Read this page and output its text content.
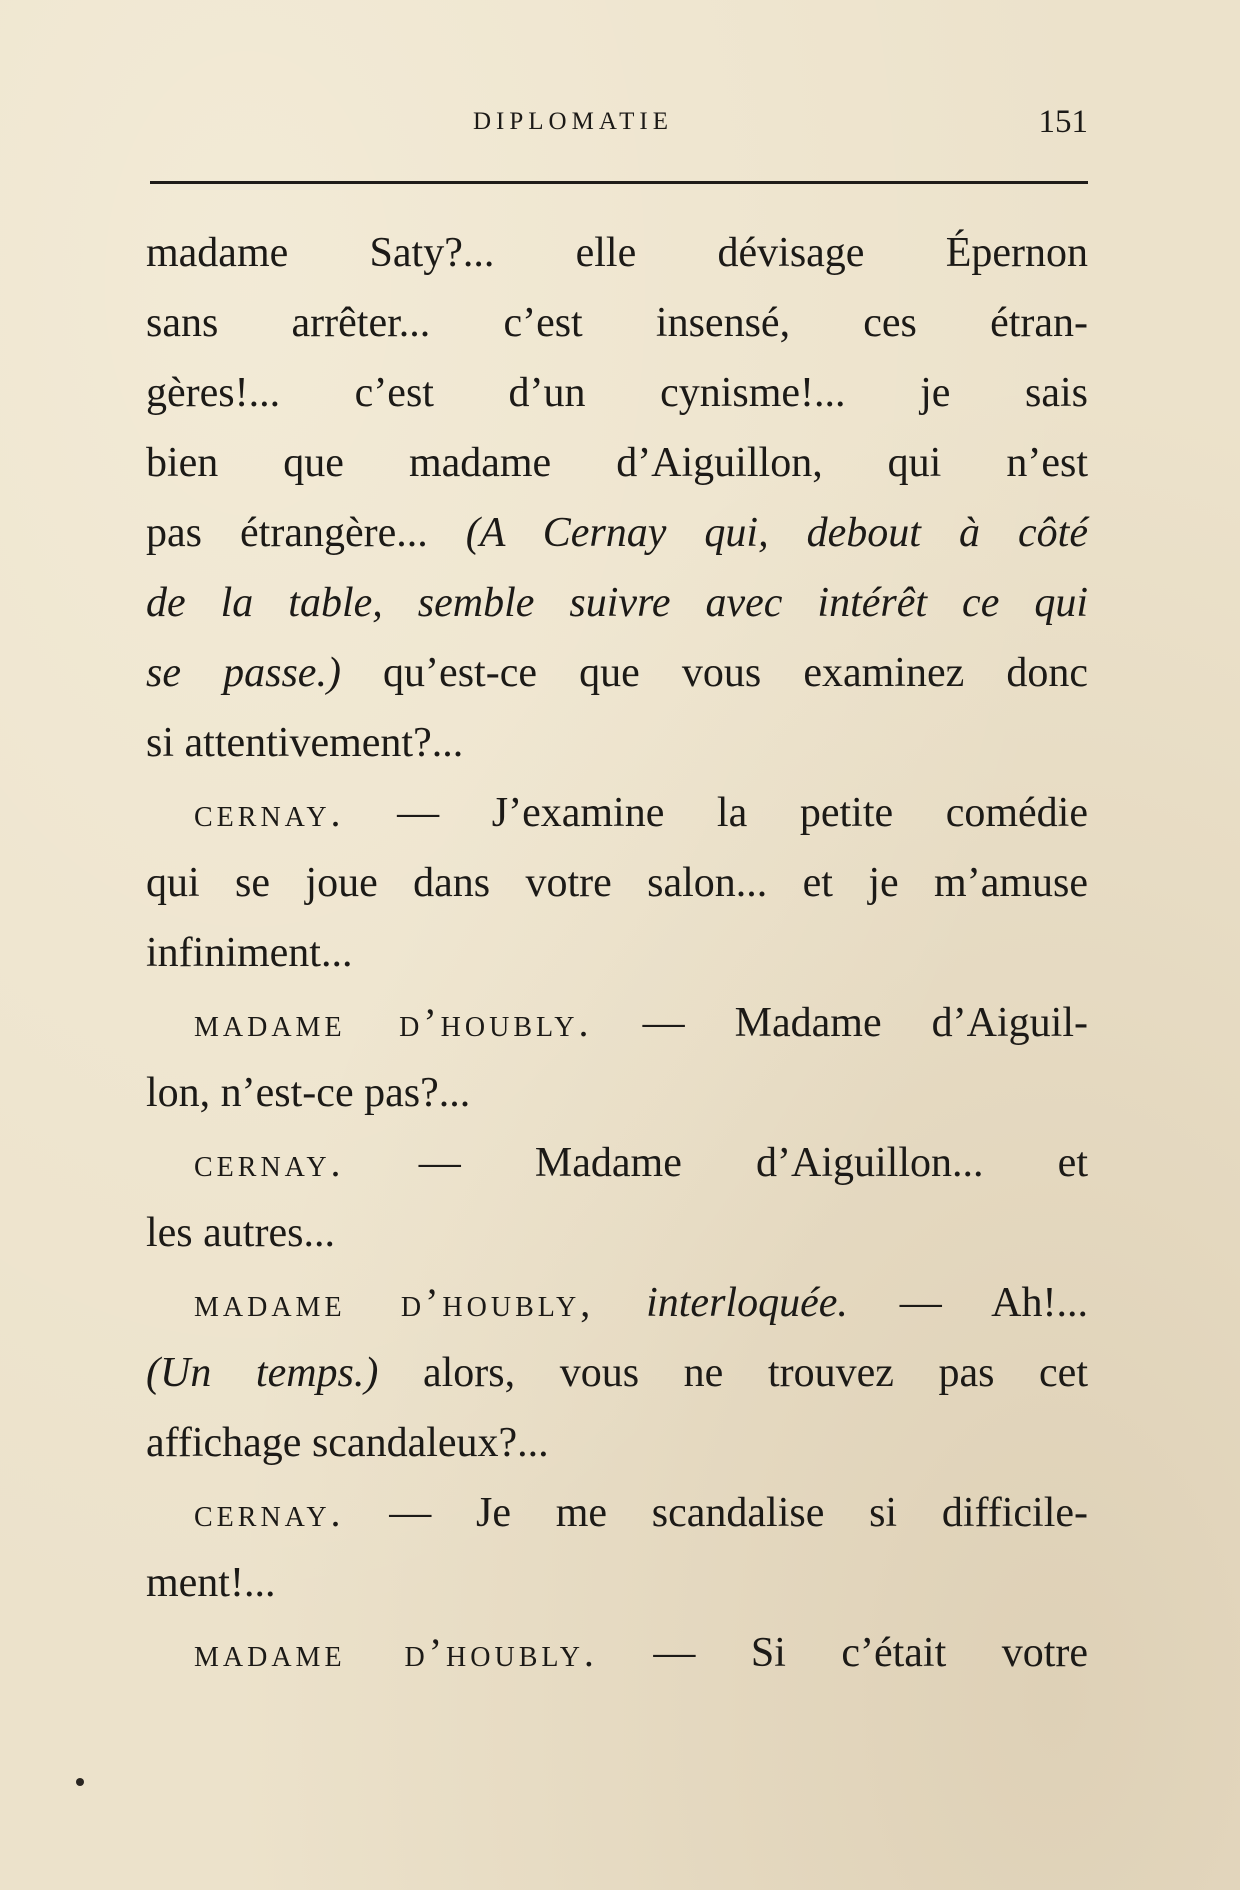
DIPLOMATIE	151
madame Saty?... elle dévisage Épernon
sans arrêter... c’est insensé, ces étran-
gères!... c’est d’un cynisme!... je sais
bien que madame d’Aiguillon, qui n’est
pas étrangère... (A Cernay qui, debout à côté
de la table, semble suivre avec intérêt ce qui
se passe.) qu’est-ce que vous examinez donc
si attentivement?...
cernay. — J’examine la petite comédie
qui se joue dans votre salon... et je m’amuse
infiniment...
madame d’houbly. — Madame d’Aiguil-
lon, n’est-ce pas?...
cernay. — Madame d’Aiguillon... et
les autres...
madame d’houbly, interloquée. — Ah!...
(Un temps.) alors, vous ne trouvez pas cet
affichage scandaleux?...
cernay. — Je me scandalise si difficile-
ment!...
madame d’houbly. — Si c’était votre
